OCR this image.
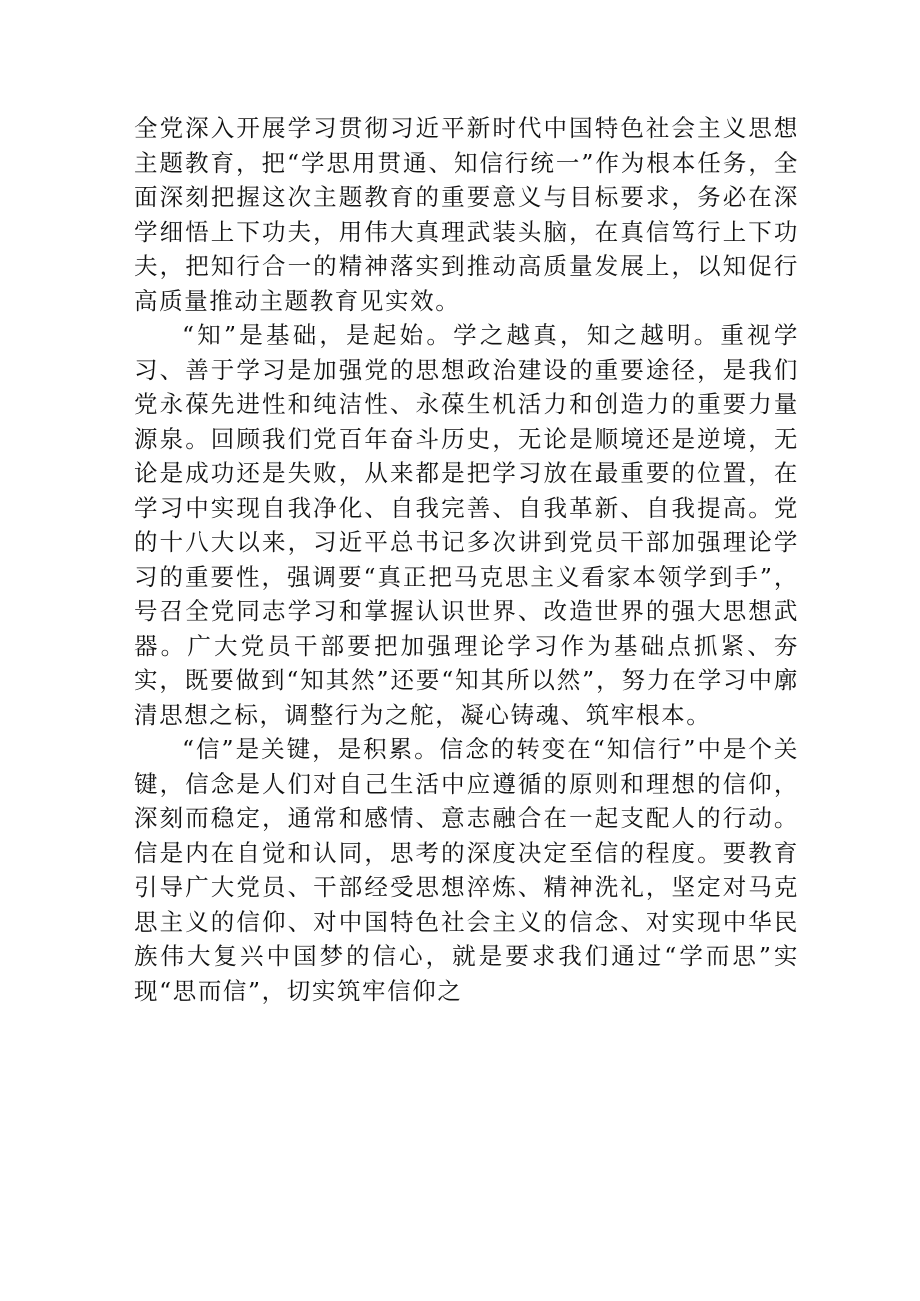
全党深入开展学习贯彻习近平新时代中国特色社会主义思想主题教育，把“学思用贯通、知信行统一”作为根本任务，全面深刻把握这次主题教育的重要意义与目标要求，务必在深学细悟上下功夫，用伟大真理武装头脑，在真信笃行上下功夫，把知行合一的精神落实到推动高质量发展上，以知促行高质量推动主题教育见实效。

“知”是基础，是起始。学之越真，知之越明。重视学习、善于学习是加强党的思想政治建设的重要途径，是我们党永葆先进性和纯洁性、永葆生机活力和创造力的重要力量源泉。回顾我们党百年奋斗历史，无论是顺境还是逆境，无论是成功还是失败，从来都是把学习放在最重要的位置，在学习中实现自我净化、自我完善、自我革新、自我提高。党的十八大以来，习近平总书记多次讲到党员干部加强理论学习的重要性，强调要“真正把马克思主义看家本领学到手”，号召全党同志学习和掌握认识世界、改造世界的强大思想武器。广大党员干部要把加强理论学习作为基础点抓紧、夯实，既要做到“知其然”还要“知其所以然”，努力在学习中廓清思想之标，调整行为之舵，凝心铸魂、筑牢根本。

“信”是关键，是积累。信念的转变在“知信行”中是个关键，信念是人们对自己生活中应遵循的原则和理想的信仰，深刻而稳定，通常和感情、意志融合在一起支配人的行动。信是内在自觉和认同，思考的深度决定至信的程度。要教育引导广大党员、干部经受思想淬炼、精神洗礼，坚定对马克思主义的信仰、对中国特色社会主义的信念、对实现中华民族伟大复兴中国梦的信心，就是要求我们通过“学而思”实现“思而信”，切实筑牢信仰之
